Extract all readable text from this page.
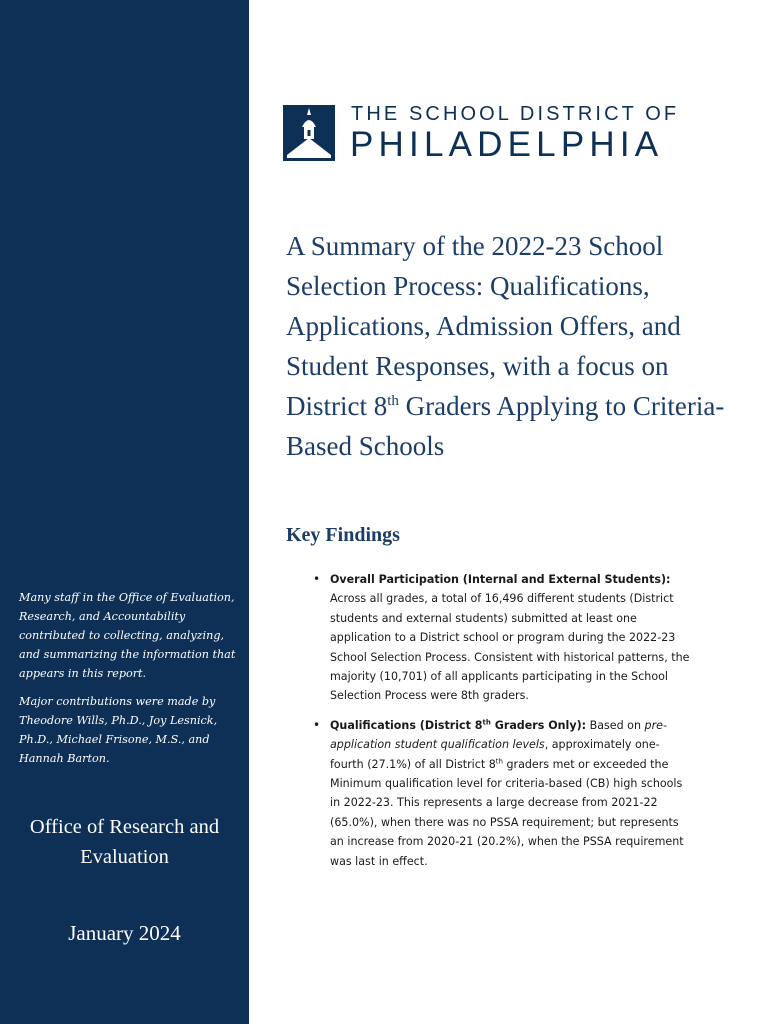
Many staff in the Office of Evaluation, Research, and Accountability contributed to collecting, analyzing, and summarizing the information that appears in this report.

Major contributions were made by Theodore Wills, Ph.D., Joy Lesnick, Ph.D., Michael Frisone, M.S., and Hannah Barton.

Office of Research and
Evaluation
January 2024
THE SCHOOL DISTRICT OF
PHILADELPHIA
A Summary of the 2022-23 School Selection Process: Qualifications, Applications, Admission Offers, and Student Responses, with a focus on District 8th Graders Applying to Criteria-Based Schools
Key Findings
• Overall Participation (Internal and External Students): Across all grades, a total of 16,496 different students (District students and external students) submitted at least one application to a District school or program during the 2022-23 School Selection Process. Consistent with historical patterns, the majority (10,701) of all applicants participating in the School Selection Process were 8th graders.
• Qualifications (District 8th Graders Only): Based on pre-application student qualification levels, approximately one-fourth (27.1%) of all District 8th graders met or exceeded the Minimum qualification level for criteria-based (CB) high schools in 2022-23. This represents a large decrease from 2021-22 (65.0%), when there was no PSSA requirement; but represents an increase from 2020-21 (20.2%), when the PSSA requirement was last in effect.
